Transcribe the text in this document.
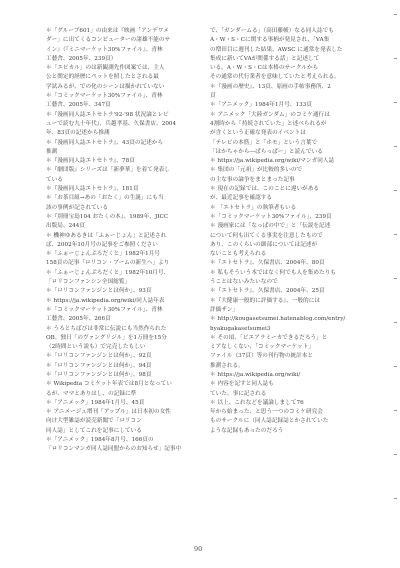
＊「グルーブ601」の由来は『映画「アンデワメ
ダー」に出てくるコンピューターの諸雄不能のサ
イン』（『ミニマーケット30%ファイル』、青林
工藝舎、2005年、239頁）
＊「エピカル」のは新観測先作図案では、主人
公と関定的経歴にペットを照したとされる最
学試みるが、での化のシーンは描かれていない
＊「コミックマーケット30%ファイル」、青林
工藝舎、2005年、347頁
＊『漫画同人誌エトセトラ'92-'98 状況論とレビ
ューで読む九十年代』、兵越孝基、久保書店、2004
年、83頁の記述から推測
＊『漫画同人誌エトセトラ』、43頁の記述から
推測
＊『漫画同人誌エトセトラ』、78頁
＊『劇団版』シリーズは「新夢華」を着て発表し
ている
＊『漫画同人誌エトセトラ』、181頁
＊「お茶目組→あの「おたく」の生誕」にも当
該の事例が記されている
＊『別冊宝島104 おたくの本』、1989年、JICC
出版局、244頁
＊ 機神ゆあるきは「ふぁーじょん」と記述され
ば、2002年10月号の記事をご参照ください
＊「ふぁーじょんぷろだくと」1982年1月号
158頁の記事「ロリコン・ブームの新生へ」より
＊「ふぁーじょんぷろだくと」1982年10月号、
「ロリコンファンシン全国総覧」
＊「ロリコンファンジンとは何か」、93頁
＊ https://ja.wikipedia.org/wiki/同人誌年表
＊「コミックマーケット30%ファイル」、青林
工藝舎、2005年、266頁
＊ うろとちばびは非常に伝説にも当然作られた
OB。独日「のヴァングリジル」を1万冊を15分
（2時間という説も）で完売したもしい
＊「ロリコンファンジンとは何か」、92頁
＊「ロリコンファンジンとは何か」、94頁
＊「ロリコンファンジンとは何か」、98頁
＊ Wikipedia コミケット年表では8月となってい
るが、ママとありはし、の記録に準
＊「アニメック」1984年1月号、45頁
＊ アニメージュ増刊「アップル」は日本初の女性
向け大型雑誌が読売新聞で「ロリコン
同人誌」としてこれを記事にしている
＊「アニメック」1984年8月号、166頁の
「ロリコンマンガ同人誌同盟からのお知らせ」記事中
で、「ガンダームる」（高田藤帳）なる同人誌でも
A・W・S・Cに関する事柄が発見され、「VA集
の増田目に週刊した結果、AWSC に通常を発表した
集成に新いてVAが関係する話」と記述して
いる。A・W・S・Cは本格のサークルから
その通常の代行業者を意味していたと考えられる。
＊『漫画の歴史』、13頁、原画の手帖事務所、2
頁
＊「アニメック」1984年1月号、133頁
＊ アニメック「大陸ガンダム」のコミケ通行は
4割時から「持続されていた」と述べられるが
が含くという正確な発表のイベントは
「テレビの本筋」と「ホモ」という言葉で
「はかちゃから―ぱらっぱー」と読んでいる
＊ https://ja.wikipedia.org/wiki/マンガ同人誌
＊ 集団の「元祖」が比較的多いので
の主な事の論争をまとまった記事
＊ 現在の記録では、このことに違いがある
が、最近記事を確認する
＊ 「エトセトラ」の執筆者もいる
＊「コミックマーケット30%ファイル」、239頁
＊ 漫画家には「なっぱの中で」と「伝説を記述
について何も出てくる事実を注意したもので
あり、このくらいの細部については記述が
ないことも考えられる
＊『エトセトラ』、久保書店、2004年、80頁
＊ 私もそういう本ではなく何でも人を集めたりも
うことはないみたいなので
＊『エトセトラ』、久保書店、2004年、25頁
＊『大健康一般的に評価する』、一般的には
評価ザン」
＊ http://kougasetsumei.hatenablog.com/entry/
hyakugakasetsumei3
＊ その頃、「ビエアラミーカできるだろう」と
ミアなしくない、「コミックマーケット」
ファイル（37頁）等の刊行物の統計本と
推測される。
＊ https://ja.wikipedia.org/wiki/
＊ 内容を記すと同人誌も
ていた。事に記される
＊ 以上、これなどを議論しまして76
年から始まった、と思う一つのコミケ研究会
ものサークルに（同人誌記録誌とかされていた
ような記録もあったのだろう
90
